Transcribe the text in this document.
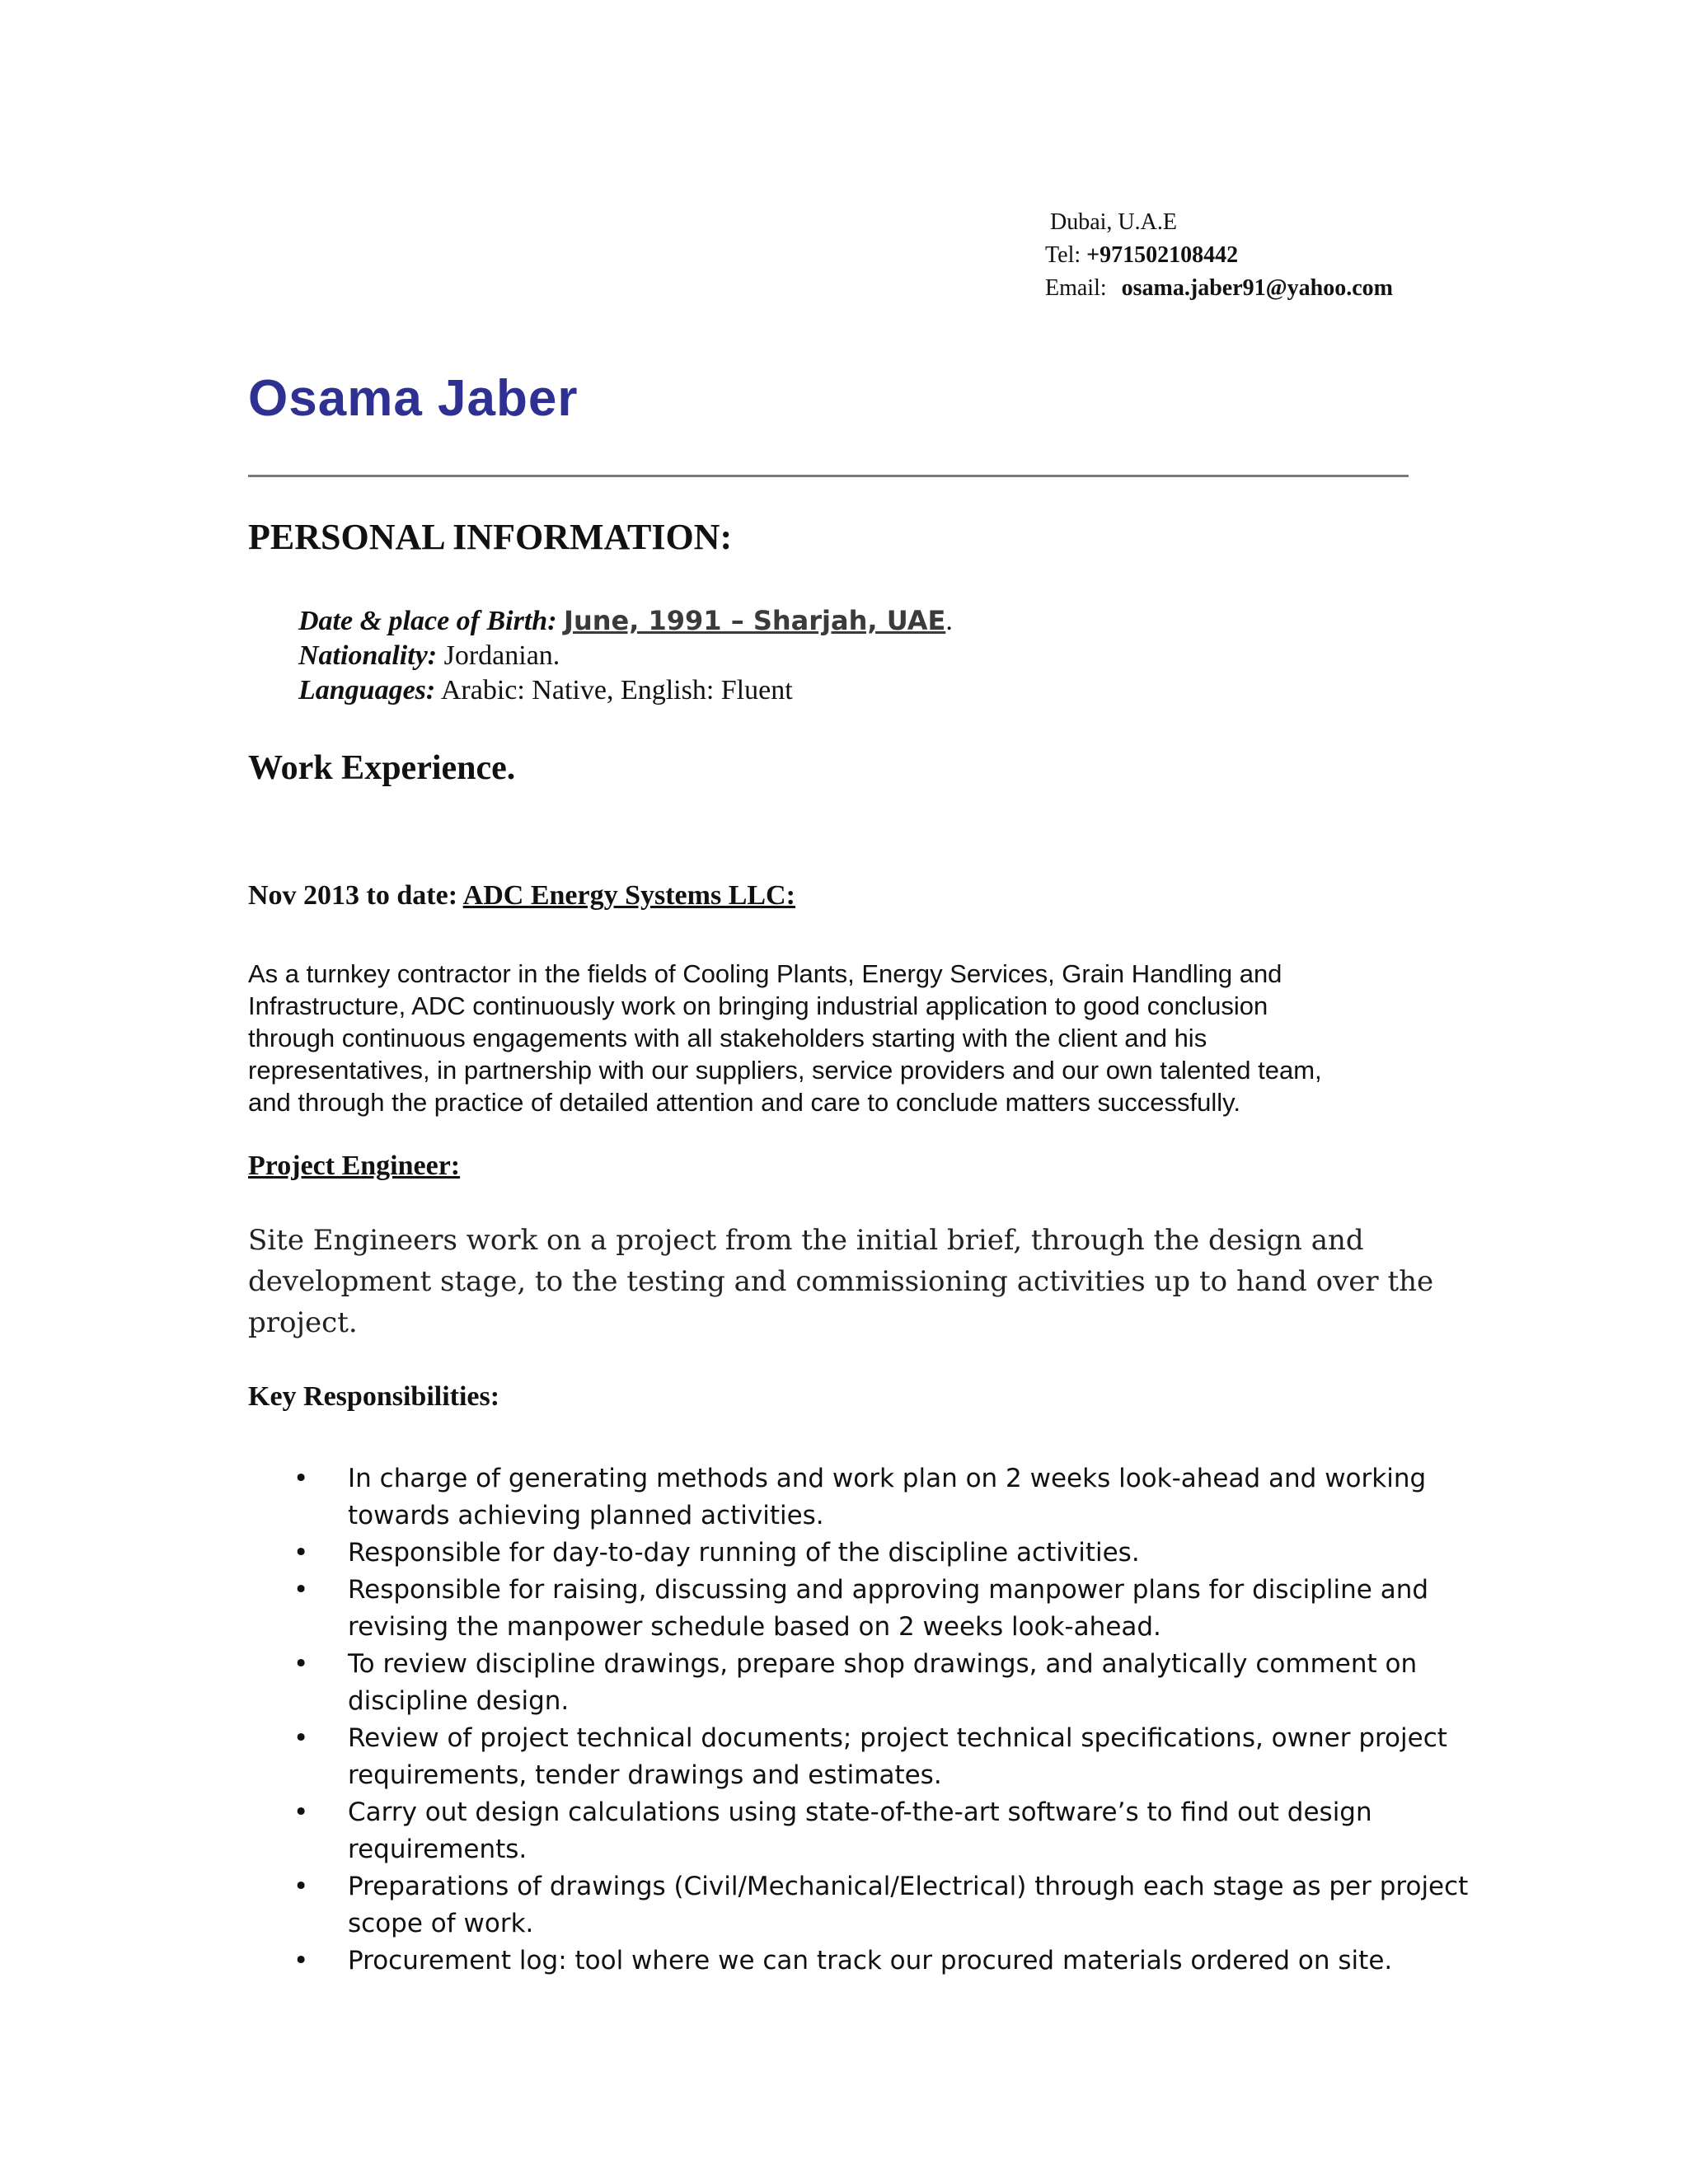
Dubai, U.A.E
Tel: +971502108442
Email: osama.jaber91@yahoo.com
Osama Jaber
PERSONAL INFORMATION:
Date & place of Birth: June, 1991 – Sharjah, UAE.
Nationality: Jordanian.
Languages: Arabic: Native, English: Fluent
Work Experience.
Nov 2013 to date: ADC Energy Systems LLC:
As a turnkey contractor in the fields of Cooling Plants, Energy Services, Grain Handling and
Infrastructure, ADC continuously work on bringing industrial application to good conclusion
through continuous engagements with all stakeholders starting with the client and his
representatives, in partnership with our suppliers, service providers and our own talented team,
and through the practice of detailed attention and care to conclude matters successfully.
Project Engineer:
Site Engineers work on a project from the initial brief, through the design and
development stage, to the testing and commissioning activities up to hand over the
project.
Key Responsibilities:
• In charge of generating methods and work plan on 2 weeks look-ahead and working
towards achieving planned activities.
• Responsible for day-to-day running of the discipline activities.
• Responsible for raising, discussing and approving manpower plans for discipline and
revising the manpower schedule based on 2 weeks look-ahead.
• To review discipline drawings, prepare shop drawings, and analytically comment on
discipline design.
• Review of project technical documents; project technical specifications, owner project
requirements, tender drawings and estimates.
• Carry out design calculations using state-of-the-art software’s to find out design
requirements.
• Preparations of drawings (Civil/Mechanical/Electrical) through each stage as per project
scope of work.
• Procurement log: tool where we can track our procured materials ordered on site.
